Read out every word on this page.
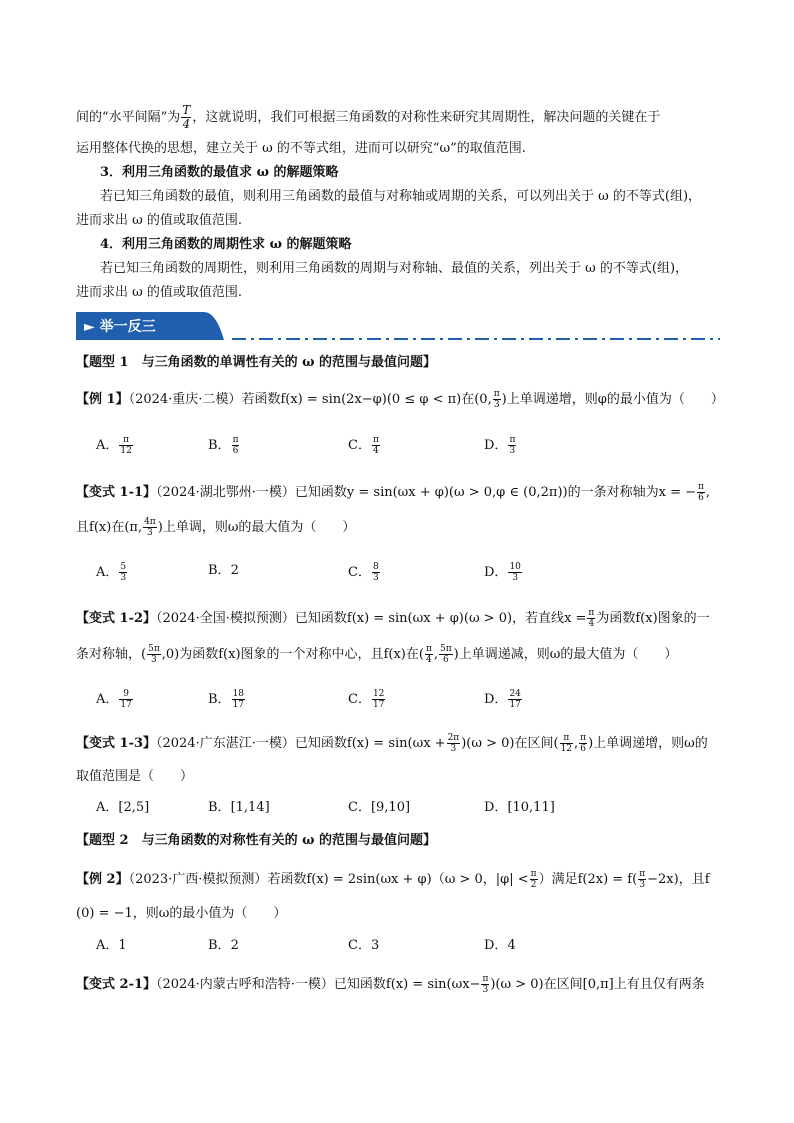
间的“水平间隔”为 $\frac{T}{4}$ ，这就说明，我们可根据三角函数的对称性来研究其周期性，解决问题的关键在于
运用整体代换的思想，建立关于 ω 的不等式组，进而可以研究“ω”的取值范围.
3．利用三角函数的最值求 ω 的解题策略
若已知三角函数的最值，则利用三角函数的最值与对称轴或周期的关系，可以列出关于 ω 的不等式(组)，
进而求出 ω 的值或取值范围.
4．利用三角函数的周期性求 ω 的解题策略
若已知三角函数的周期性，则利用三角函数的周期与对称轴、最值的关系，列出关于 ω 的不等式(组)，
进而求出 ω 的值或取值范围.
► 举一反三
【题型 1　与三角函数的单调性有关的 ω 的范围与最值问题】
【例 1】（2024·重庆·二模）若函数f(x) = sin(2x−φ)(0 ≤ φ < π)在(0, $\frac{\pi}{3}$ )上单调递增，则φ的最小值为（　　）
A． $\frac{\pi}{12}$	B． $\frac{\pi}{6}$	C． $\frac{\pi}{4}$	D． $\frac{\pi}{3}$
【变式 1-1】（2024·湖北鄂州·一模）已知函数y = sin(ωx + φ)(ω > 0,φ ∈ (0,2π))的一条对称轴为x = − $\frac{\pi}{6}$ ,
且f(x)在(π, $\frac{4\pi}{3}$ )上单调，则ω的最大值为（　　）
A． $\frac{5}{3}$	B．2	C． $\frac{8}{3}$	D． $\frac{10}{3}$
【变式 1-2】（2024·全国·模拟预测）已知函数f(x) = sin(ωx + φ)(ω > 0)，若直线$x = \frac{\pi}{4}$ 为函数f(x)图象的一
条对称轴，( $\frac{5\pi}{3} ,0$)为函数f(x)图象的一个对称中心，且f(x)在( $\frac{\pi}{4}$ , $\frac{5\pi}{6}$ )上单调递减，则ω的最大值为（　　）
A． $\frac{9}{17}$	B． $\frac{18}{17}$	C． $\frac{12}{17}$	D． $\frac{24}{17}$
【变式 1-3】（2024·广东湛江·一模）已知函数$f(x) = \sin(\omega x + \frac{2\pi}{3} )(\omega > 0)$在区间( $\frac{\pi}{12}$ , $\frac{\pi}{6}$ )上单调递增，则ω的
取值范围是（　　）
A．[2,5]	B．[1,14]	C．[9,10]	D．[10,11]
【题型 2　与三角函数的对称性有关的 ω 的范围与最值问题】
【例 2】（2023·广西·模拟预测）若函数f(x) = 2sin(ωx + φ)（ω > 0，$|\varphi| < \frac{\pi}{2}$ ）满足$f(2x) = f( \frac{\pi}{3} -2x)$，且f
(0) = −1，则ω的最小值为（　　）
A．1	B．2	C．3	D．4
【变式 2-1】（2024·内蒙古呼和浩特·一模）已知函数$f(x) = \sin(\omega x- \frac{\pi}{3} )(\omega > 0)$在区间[0,π]上有且仅有两条
